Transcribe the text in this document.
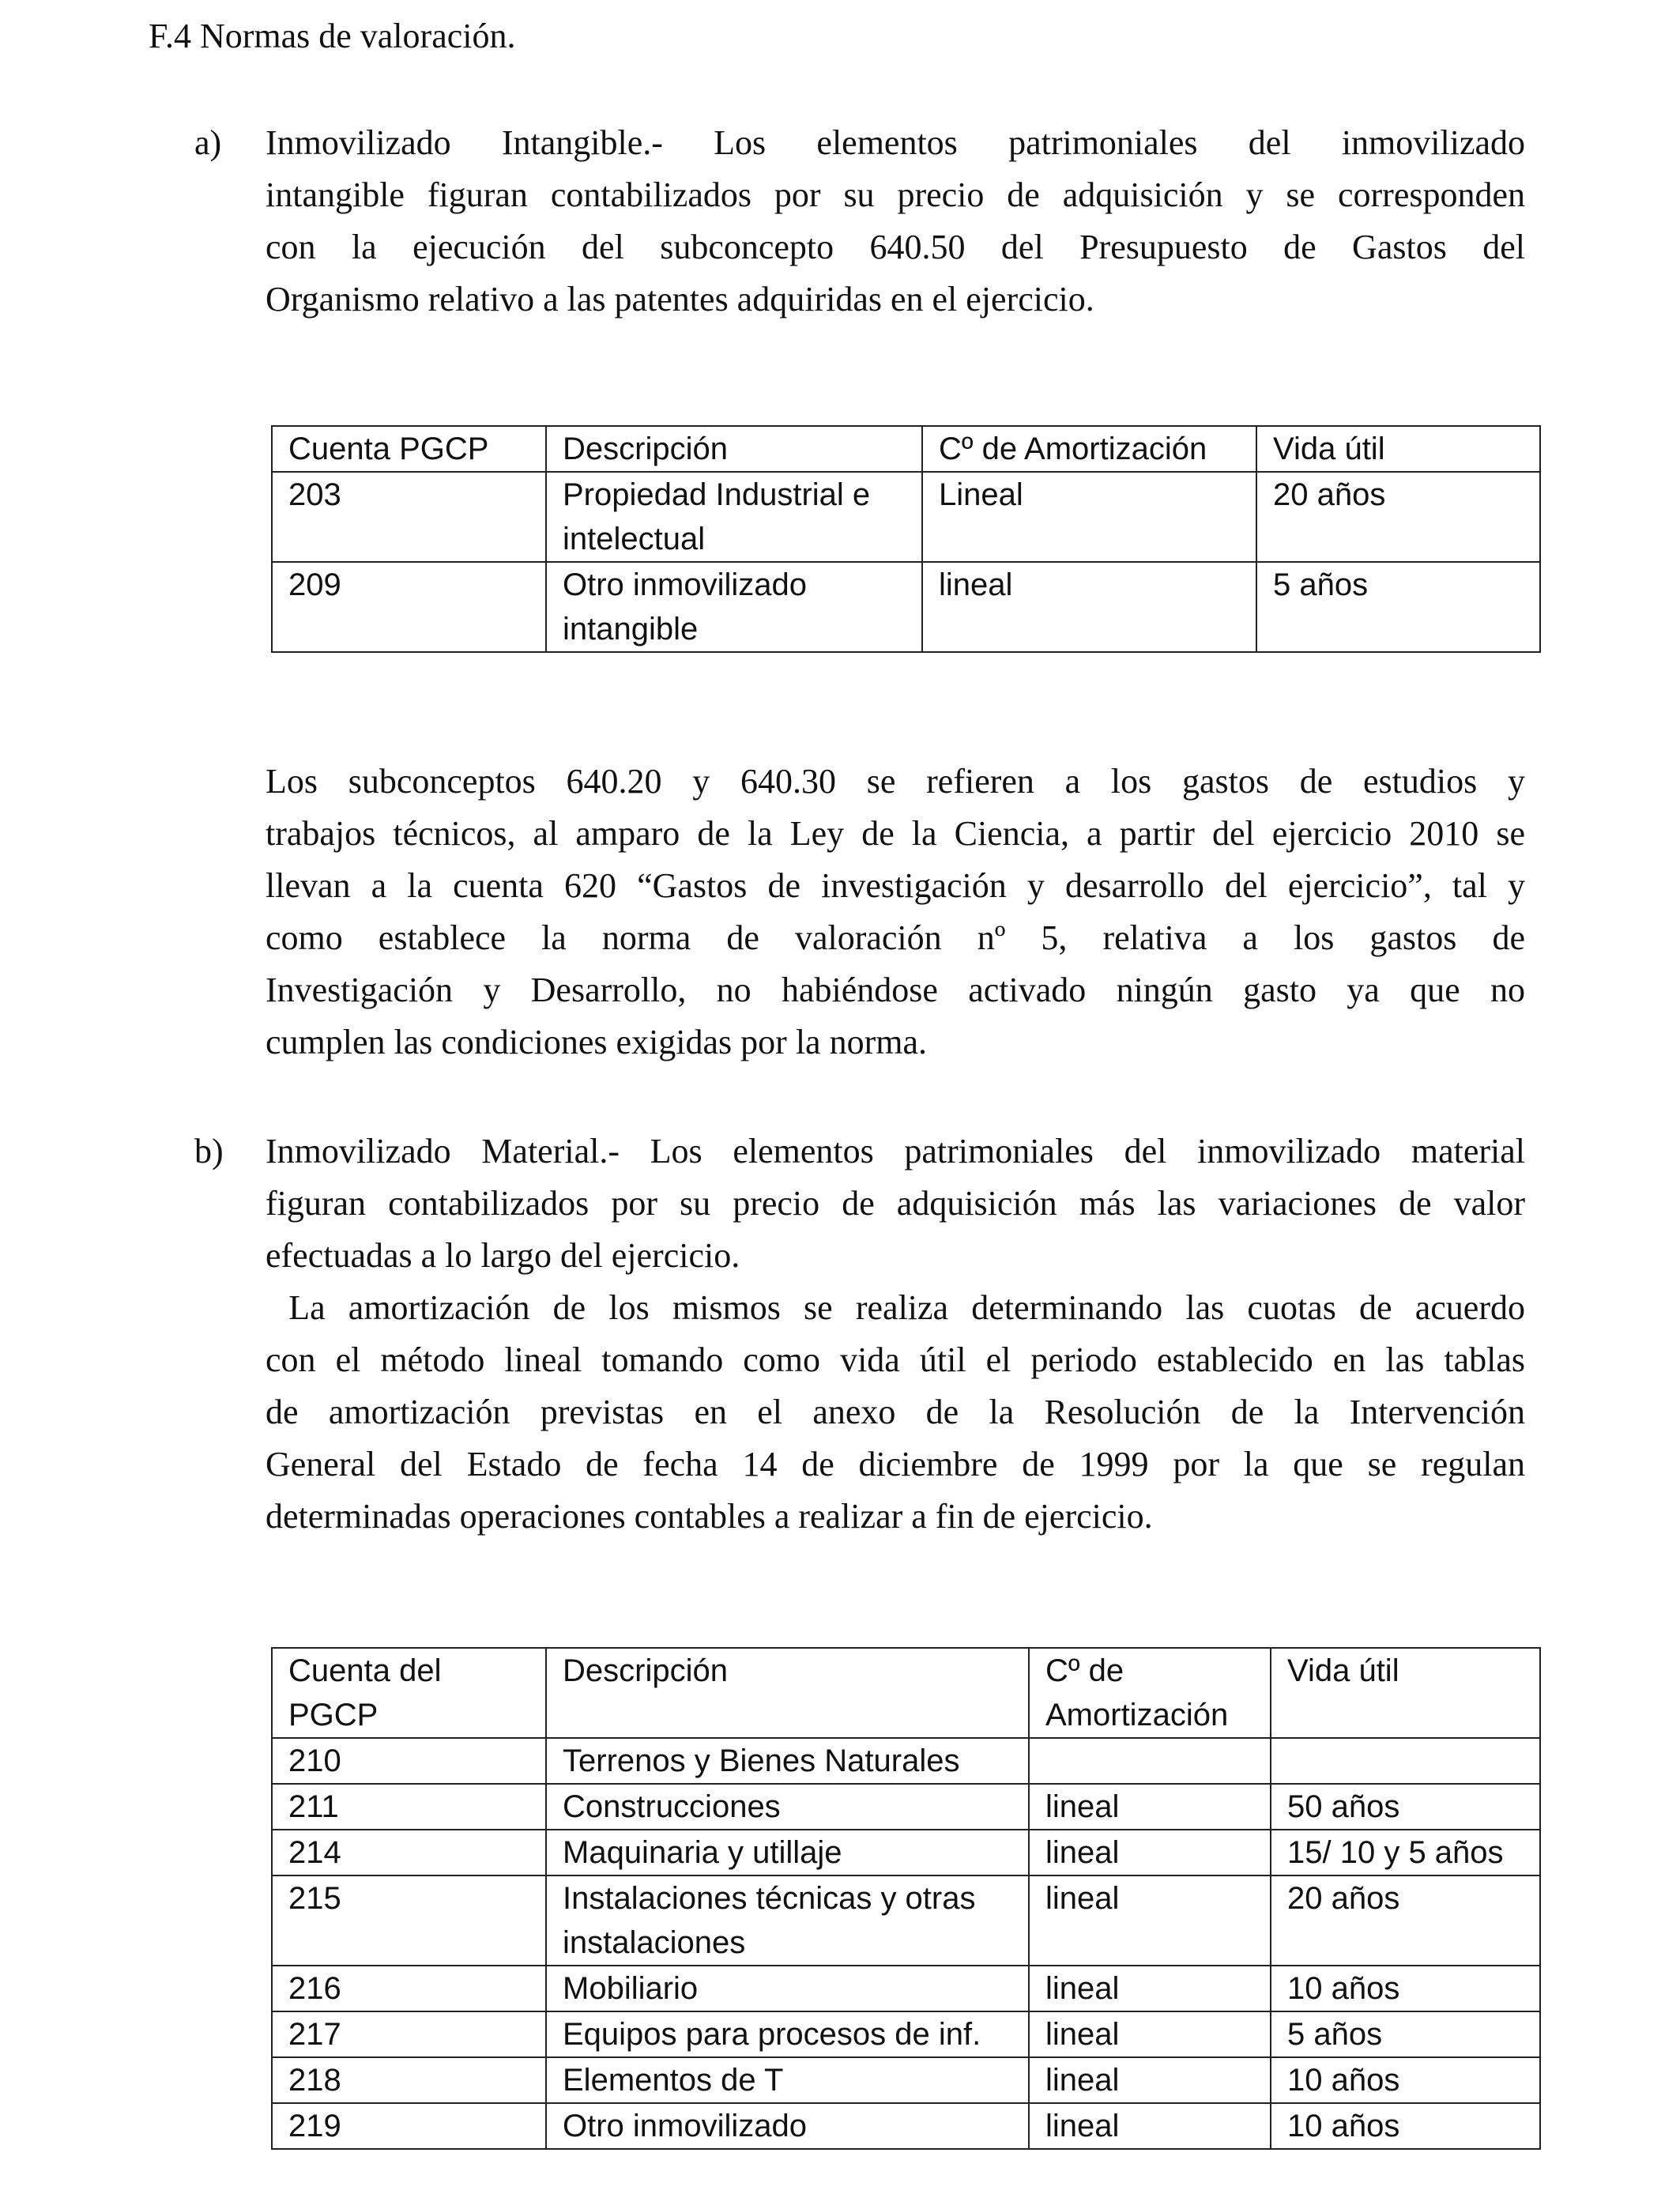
F.4 Normas de valoración.
a) Inmovilizado Intangible.- Los elementos patrimoniales del inmovilizado
intangible figuran contabilizados por su precio de adquisición y se corresponden
con la ejecución del subconcepto 640.50 del Presupuesto de Gastos del
Organismo relativo a las patentes adquiridas en el ejercicio.
Cuenta PGCP	Descripción	Cº de Amortización	Vida útil
203	Propiedad Industrial e intelectual	Lineal	20 años
209	Otro inmovilizado intangible	lineal	5 años
Los subconceptos 640.20 y 640.30 se refieren a los gastos de estudios y
trabajos técnicos, al amparo de la Ley de la Ciencia, a partir del ejercicio 2010 se
llevan a la cuenta 620 “Gastos de investigación y desarrollo del ejercicio”, tal y
como establece la norma de valoración nº 5, relativa a los gastos de
Investigación y Desarrollo, no habiéndose activado ningún gasto ya que no
cumplen las condiciones exigidas por la norma.
b) Inmovilizado Material.- Los elementos patrimoniales del inmovilizado material
figuran contabilizados por su precio de adquisición más las variaciones de valor
efectuadas a lo largo del ejercicio.
La amortización de los mismos se realiza determinando las cuotas de acuerdo
con el método lineal tomando como vida útil el periodo establecido en las tablas
de amortización previstas en el anexo de la Resolución de la Intervención
General del Estado de fecha 14 de diciembre de 1999 por la que se regulan
determinadas operaciones contables a realizar a fin de ejercicio.
Cuenta del PGCP	Descripción	Cº de Amortización	Vida útil
210	Terrenos y Bienes Naturales		
211	Construcciones	lineal	50 años
214	Maquinaria y utillaje	lineal	15/ 10 y 5 años
215	Instalaciones técnicas y otras instalaciones	lineal	20 años
216	Mobiliario	lineal	10 años
217	Equipos para procesos de inf.	lineal	5 años
218	Elementos de T	lineal	10 años
219	Otro inmovilizado	lineal	10 años
